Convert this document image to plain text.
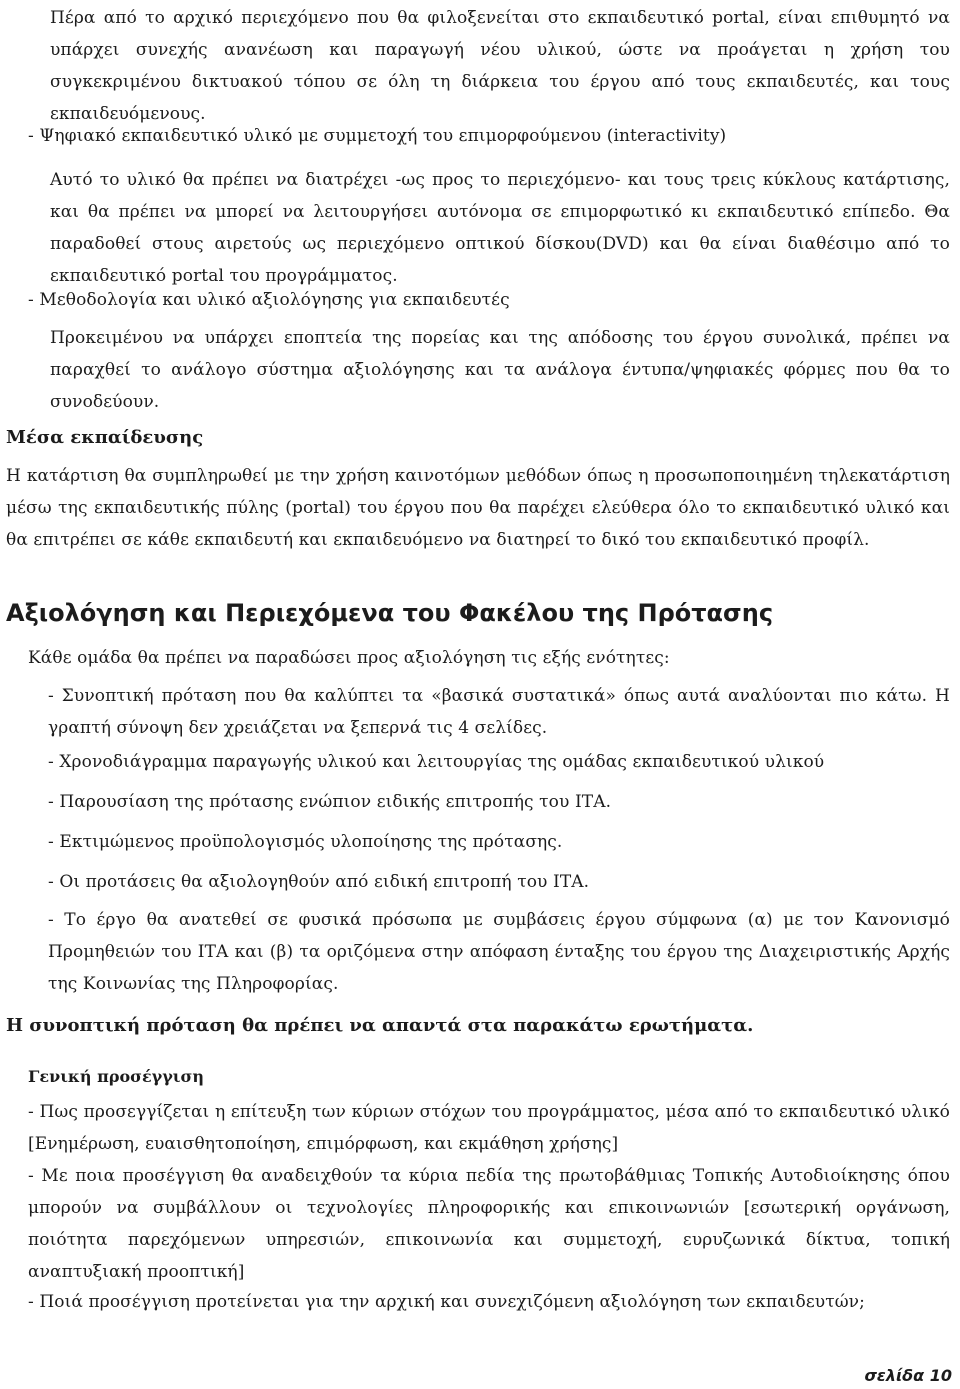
Πέρα από το αρχικό περιεχόμενο που θα φιλοξενείται στο εκπαιδευτικό portal, είναι επιθυμητό να υπάρχει συνεχής ανανέωση και παραγωγή νέου υλικού, ώστε να προάγεται η χρήση του συγκεκριμένου δικτυακού τόπου σε όλη τη διάρκεια του έργου από τους εκπαιδευτές, και τους εκπαιδευόμενους.

- Ψηφιακό εκπαιδευτικό υλικό με συμμετοχή του επιμορφούμενου (interactivity)

Αυτό το υλικό θα πρέπει να διατρέχει -ως προς το περιεχόμενο- και τους τρεις κύκλους κατάρτισης, και θα πρέπει να μπορεί να λειτουργήσει αυτόνομα σε επιμορφωτικό κι εκπαιδευτικό επίπεδο. Θα παραδοθεί στους αιρετούς ως περιεχόμενο οπτικού δίσκου(DVD) και θα είναι διαθέσιμο από το εκπαιδευτικό portal του προγράμματος.

- Μεθοδολογία και υλικό αξιολόγησης για εκπαιδευτές

Προκειμένου να υπάρχει εποπτεία της πορείας και της απόδοσης του έργου συνολικά, πρέπει να παραχθεί το ανάλογο σύστημα αξιολόγησης και τα ανάλογα έντυπα/ψηφιακές φόρμες που θα το συνοδεύουν.

Μέσα εκπαίδευσης

Η κατάρτιση θα συμπληρωθεί με την χρήση καινοτόμων μεθόδων όπως η προσωποποιημένη τηλεκατάρτιση μέσω της εκπαιδευτικής πύλης (portal) του έργου που θα παρέχει ελεύθερα όλο το εκπαιδευτικό υλικό και θα επιτρέπει σε κάθε εκπαιδευτή και εκπαιδευόμενο να διατηρεί το δικό του εκπαιδευτικό προφίλ.

Αξιολόγηση και Περιεχόμενα του Φακέλου της Πρότασης

Κάθε ομάδα θα πρέπει να παραδώσει προς αξιολόγηση τις εξής ενότητες:

- Συνοπτική πρόταση που θα καλύπτει τα «βασικά συστατικά» όπως αυτά αναλύονται πιο κάτω. Η γραπτή σύνοψη δεν χρειάζεται να ξεπερνά τις 4 σελίδες.

- Χρονοδιάγραμμα παραγωγής υλικού και λειτουργίας της ομάδας εκπαιδευτικού υλικού

- Παρουσίαση της πρότασης ενώπιον ειδικής επιτροπής του ΙΤΑ.

- Εκτιμώμενος προϋπολογισμός υλοποίησης της πρότασης.

- Οι προτάσεις θα αξιολογηθούν από ειδική επιτροπή του ΙΤΑ.

- Το έργο θα ανατεθεί σε φυσικά πρόσωπα με συμβάσεις έργου σύμφωνα (α) με τον Κανονισμό Προμηθειών του ΙΤΑ και (β) τα οριζόμενα στην απόφαση ένταξης του έργου της Διαχειριστικής Αρχής της Κοινωνίας της Πληροφορίας.

Η συνοπτική πρόταση θα πρέπει να απαντά στα παρακάτω ερωτήματα.
Γενική προσέγγιση

- Πως προσεγγίζεται η επίτευξη των κύριων στόχων του προγράμματος, μέσα από το εκπαιδευτικό υλικό [Ενημέρωση, ευαισθητοποίηση, επιμόρφωση, και εκμάθηση χρήσης]

- Με ποια προσέγγιση θα αναδειχθούν τα κύρια πεδία της πρωτοβάθμιας Τοπικής Αυτοδιοίκησης όπου μπορούν να συμβάλλουν οι τεχνολογίες πληροφορικής και επικοινωνιών [εσωτερική οργάνωση, ποιότητα παρεχόμενων υπηρεσιών, επικοινωνία και συμμετοχή, ευρυζωνικά δίκτυα, τοπική αναπτυξιακή προοπτική]

- Ποιά προσέγγιση προτείνεται για την αρχική και συνεχιζόμενη αξιολόγηση των εκπαιδευτών;

σελίδα 10
